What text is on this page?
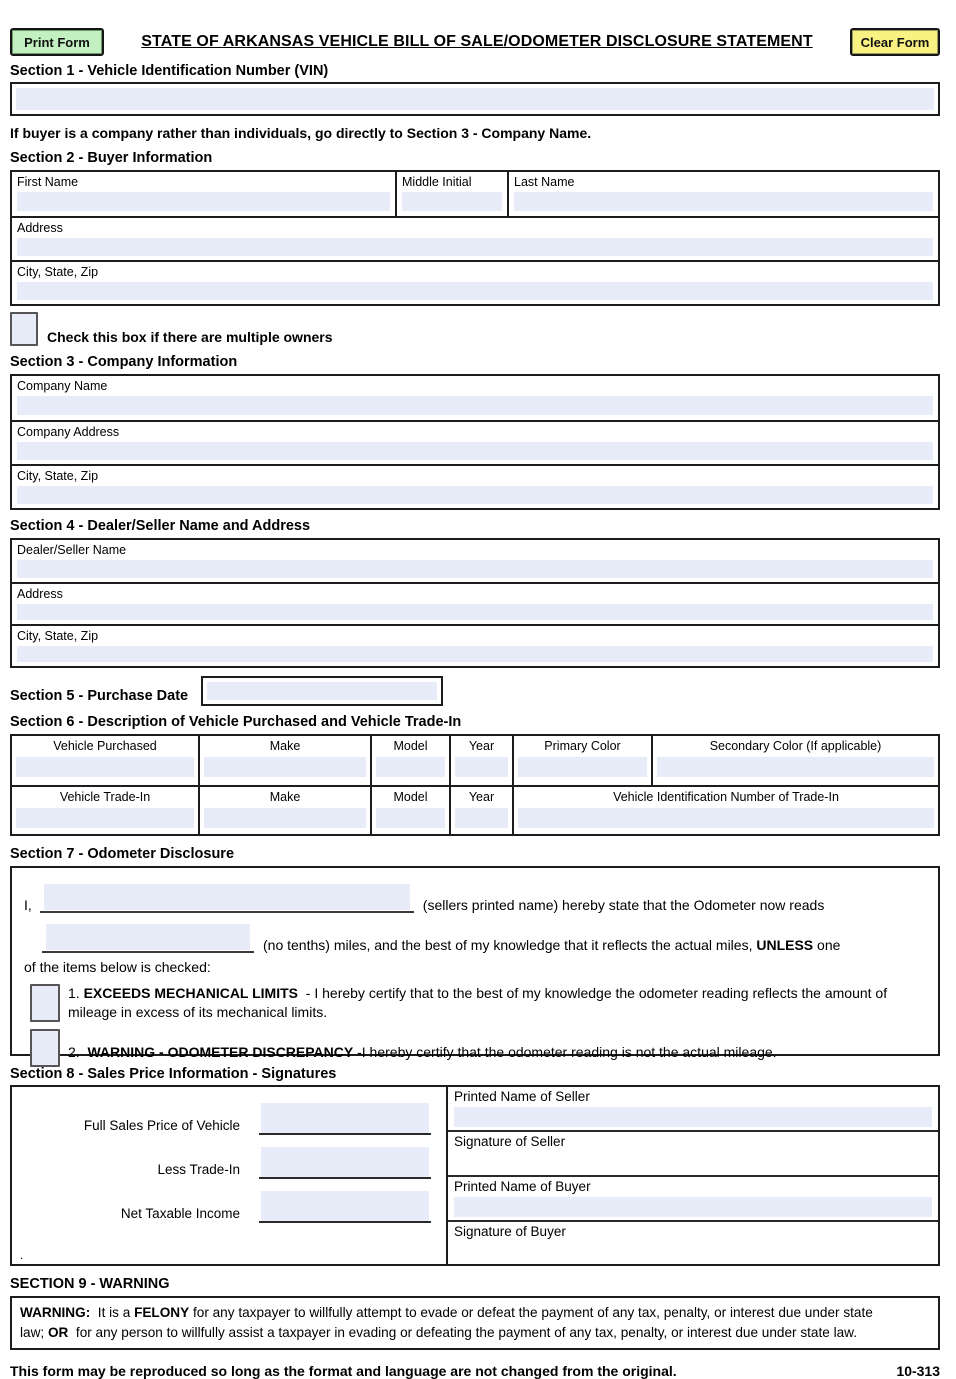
Print Form	STATE OF ARKANSAS VEHICLE BILL OF SALE/ODOMETER DISCLOSURE STATEMENT	Clear Form
Section 1 - Vehicle Identification Number (VIN)
If buyer is a company rather than individuals, go directly to Section 3 - Company Name.
Section 2 - Buyer Information
First Name	Middle Initial	Last Name
Address
City, State, Zip
Check this box if there are multiple owners
Section 3 - Company Information
Company Name
Company Address
City, State, Zip
Section 4 - Dealer/Seller Name and Address
Dealer/Seller Name
Address
City, State, Zip
Section 5 - Purchase Date
Section 6 - Description of Vehicle Purchased and Vehicle Trade-In
Vehicle Purchased	Make	Model	Year	Primary Color	Secondary Color (If applicable)
Vehicle Trade-In	Make	Model	Year	Vehicle Identification Number of Trade-In
Section 7 - Odometer Disclosure
I,	(sellers printed name) hereby state that the Odometer now reads
(no tenths) miles, and the best of my knowledge that it reflects the actual miles, UNLESS one
of the items below is checked:
1. EXCEEDS MECHANICAL LIMITS - I hereby certify that to the best of my knowledge the odometer reading reflects the amount of mileage in excess of its mechanical limits.
2. WARNING - ODOMETER DISCREPANCY -I hereby certify that the odometer reading is not the actual mileage.
Section 8 - Sales Price Information - Signatures
Full Sales Price of Vehicle
Less Trade-In
Net Taxable Income
.
Printed Name of Seller
Signature of Seller
Printed Name of Buyer
Signature of Buyer
SECTION 9 - WARNING
WARNING: It is a FELONY for any taxpayer to willfully attempt to evade or defeat the payment of any tax, penalty, or interest due under state law; OR for any person to willfully assist a taxpayer in evading or defeating the payment of any tax, penalty, or interest due under state law.
This form may be reproduced so long as the format and language are not changed from the original.	10-313
